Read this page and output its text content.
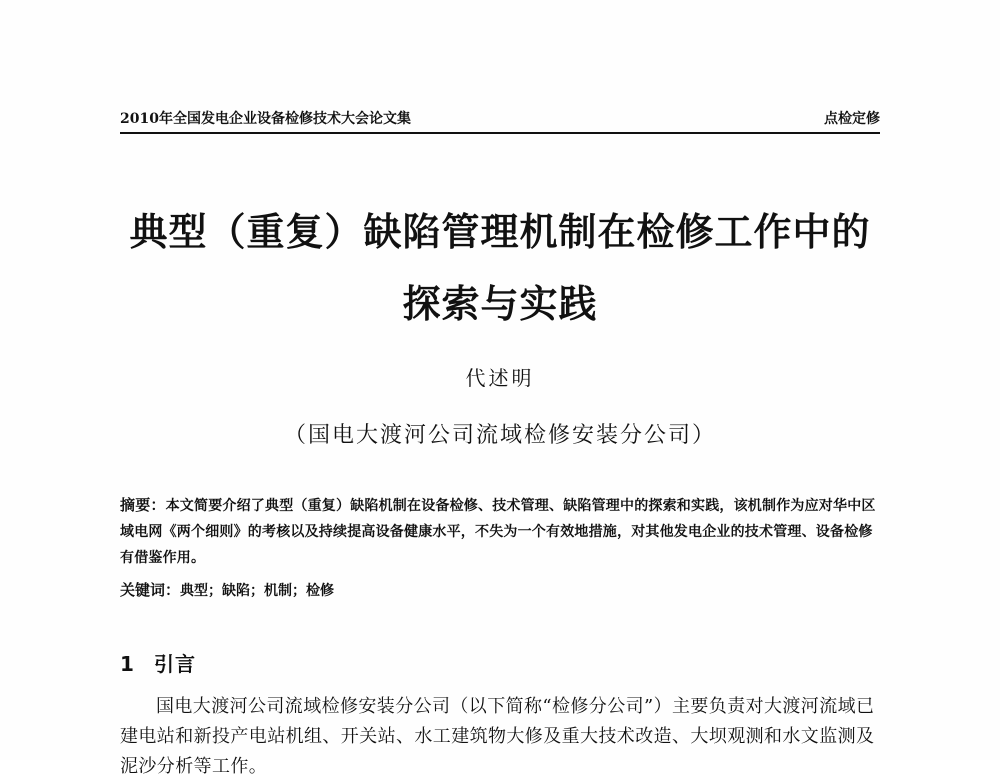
2010年全国发电企业设备检修技术大会论文集	点检定修
典型（重复）缺陷管理机制在检修工作中的
探索与实践
代述明
（国电大渡河公司流域检修安装分公司）
摘要：本文简要介绍了典型（重复）缺陷机制在设备检修、技术管理、缺陷管理中的探索和实践，该机制作为应对华中区域电网《两个细则》的考核以及持续提高设备健康水平，不失为一个有效地措施，对其他发电企业的技术管理、设备检修有借鉴作用。
关键词：典型；缺陷；机制；检修
1 引言
国电大渡河公司流域检修安装分公司（以下简称“检修分公司”）主要负责对大渡河流域已建电站和新投产电站机组、开关站、水工建筑物大修及重大技术改造、大坝观测和水文监测及泥沙分析等工作。
